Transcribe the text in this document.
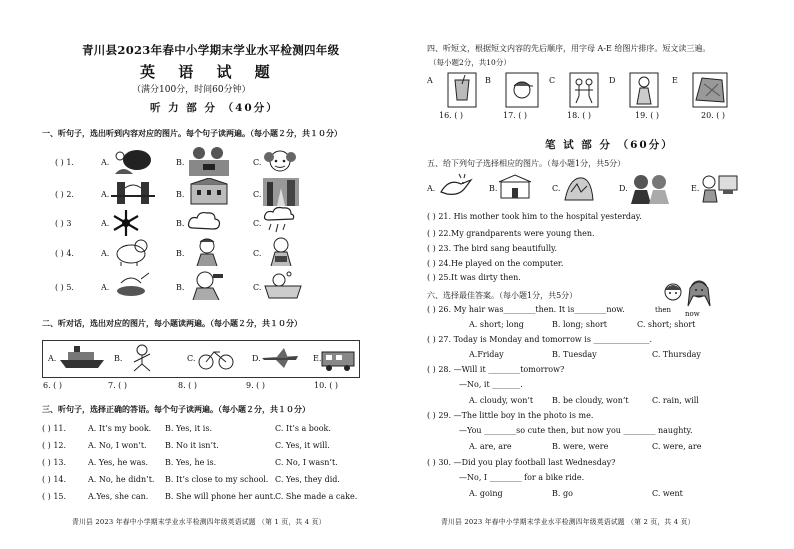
青川县2023年春中小学期末学业水平检测四年级
英 语 试 题
（满分100分，时间60分钟）
听 力 部 分 （40分）
一、听句子，选出听到内容对应的图片。每个句子读两遍。（每小题２分，共１０分）
( ) 1.	A.	B.	C.
( ) 2.	A.	B.	C.
( ) 3	A.	B.	C.
( ) 4.	A.	B.	C.
( ) 5.	A.	B.	C.
二、听对话，选出对应的图片，每小题读两遍。（每小题２分，共１０分）
A.	B.	C.	D.	E.
6. ( )	7. ( )	8. ( )	9. ( )	10. ( )
三、听句子，选择正确的答语。每个句子读两遍。（每小题２分，共１０分）
( ) 11.	A. It’s my book. B. Yes, it is.	C. It’s a book.
( ) 12.	A. No, I won’t. B. No it isn’t.	C. Yes, it will.
( ) 13.	A. Yes, he was. B. Yes, he is.	C. No, I wasn’t.
( ) 14.	A. No, he didn’t. B. It’s close to my school. C. Yes, they did.
( ) 15.	A.Yes, she can. B. She will phone her aunt. C. She made a cake.
青川县 2023 年春中小学期末学业水平检测四年级英语试题 （第 1 页，共 4 页）
四、听短文，根据短文内容的先后顺序，用字母 A-E 给图片排序。短文读三遍。
（每小题2分，共10分）
A	B	C	D	E
16. ( )	17. ( )	18. ( )	19. ( )	20. ( )
笔 试 部 分 （60分）
五、给下列句子选择相应的图片。（每小题1分，共5分）
A.	B.	C.	D.	E.
( ) 21. His mother took him to the hospital yesterday.
( ) 22.My grandparents were young then.
( ) 23. The bird sang beautifully.
( ) 24.He played on the computer.
( ) 25.It was dirty then.
六、选择最佳答案。（每小题1分，共5分）
then now
( ) 26. My hair was________then. It is________now.
A. short; long	B. long; short	C. short; short
( ) 27. Today is Monday and tomorrow is ______________.
A.Friday	B. Tuesday	C. Thursday
( ) 28. —Will it ________tomorrow?
—No, it _______.
A. cloudy, won’t B. be cloudy, won’t	C. rain, will
( ) 29. —The little boy in the photo is me.
—You ________so cute then, but now you ________ naughty.
A. are, are	B. were, were	C. were, are
( ) 30. —Did you play football last Wednesday?
—No, I ________ for a bike ride.
A. going	B. go	C. went
青川县 2023 年春中小学期末学业水平检测四年级英语试题 （第 2 页，共 4 页）
